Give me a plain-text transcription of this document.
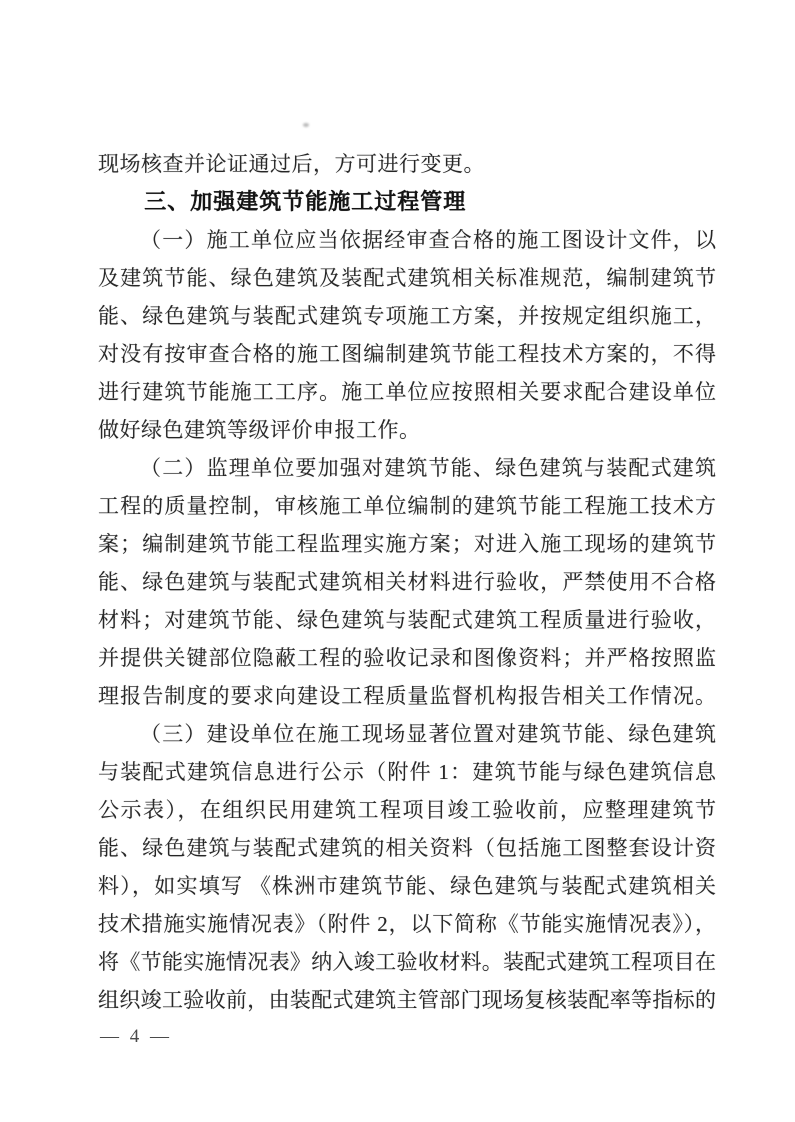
现场核查并论证通过后，方可进行变更。
三、加强建筑节能施工过程管理
（一）施工单位应当依据经审查合格的施工图设计文件，以
及建筑节能、绿色建筑及装配式建筑相关标准规范，编制建筑节
能、绿色建筑与装配式建筑专项施工方案，并按规定组织施工，
对没有按审查合格的施工图编制建筑节能工程技术方案的，不得
进行建筑节能施工工序。施工单位应按照相关要求配合建设单位
做好绿色建筑等级评价申报工作。
（二）监理单位要加强对建筑节能、绿色建筑与装配式建筑
工程的质量控制，审核施工单位编制的建筑节能工程施工技术方
案；编制建筑节能工程监理实施方案；对进入施工现场的建筑节
能、绿色建筑与装配式建筑相关材料进行验收，严禁使用不合格
材料；对建筑节能、绿色建筑与装配式建筑工程质量进行验收，
并提供关键部位隐蔽工程的验收记录和图像资料；并严格按照监
理报告制度的要求向建设工程质量监督机构报告相关工作情况。
（三）建设单位在施工现场显著位置对建筑节能、绿色建筑
与装配式建筑信息进行公示（附件 1：建筑节能与绿色建筑信息
公示表），在组织民用建筑工程项目竣工验收前，应整理建筑节
能、绿色建筑与装配式建筑的相关资料（包括施工图整套设计资
料），如实填写 《株洲市建筑节能、绿色建筑与装配式建筑相关
技术措施实施情况表》（附件 2，以下简称《节能实施情况表》），
将《节能实施情况表》纳入竣工验收材料。装配式建筑工程项目在
组织竣工验收前，由装配式建筑主管部门现场复核装配率等指标的
— 4 —
